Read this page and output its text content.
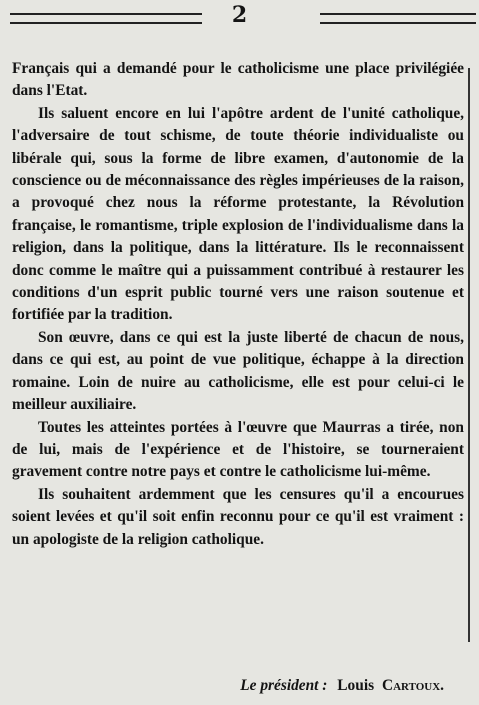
2

Français qui a demandé pour le catholicisme une place privilégiée dans l'Etat.

Ils saluent encore en lui l'apôtre ardent de l'unité catholique, l'adversaire de tout schisme, de toute théorie individualiste ou libérale qui, sous la forme de libre examen, d'autonomie de la conscience ou de méconnaissance des règles impérieuses de la raison, a provoqué chez nous la réforme protestante, la Révolution française, le romantisme, triple explosion de l'individualisme dans la religion, dans la politique, dans la littérature. Ils le reconnaissent donc comme le maître qui a puissamment contribué à restaurer les conditions d'un esprit public tourné vers une raison soutenue et fortifiée par la tradition.

Son œuvre, dans ce qui est la juste liberté de chacun de nous, dans ce qui est, au point de vue politique, échappe à la direction romaine. Loin de nuire au catholicisme, elle est pour celui-ci le meilleur auxiliaire.

Toutes les atteintes portées à l'œuvre que Maurras a tirée, non de lui, mais de l'expérience et de l'histoire, se tourneraient gravement contre notre pays et contre le catholicisme lui-même.

Ils souhaitent ardemment que les censures qu'il a encourues soient levées et qu'il soit enfin reconnu pour ce qu'il est vraiment : un apologiste de la religion catholique.

Le président : Louis Cartoux.
